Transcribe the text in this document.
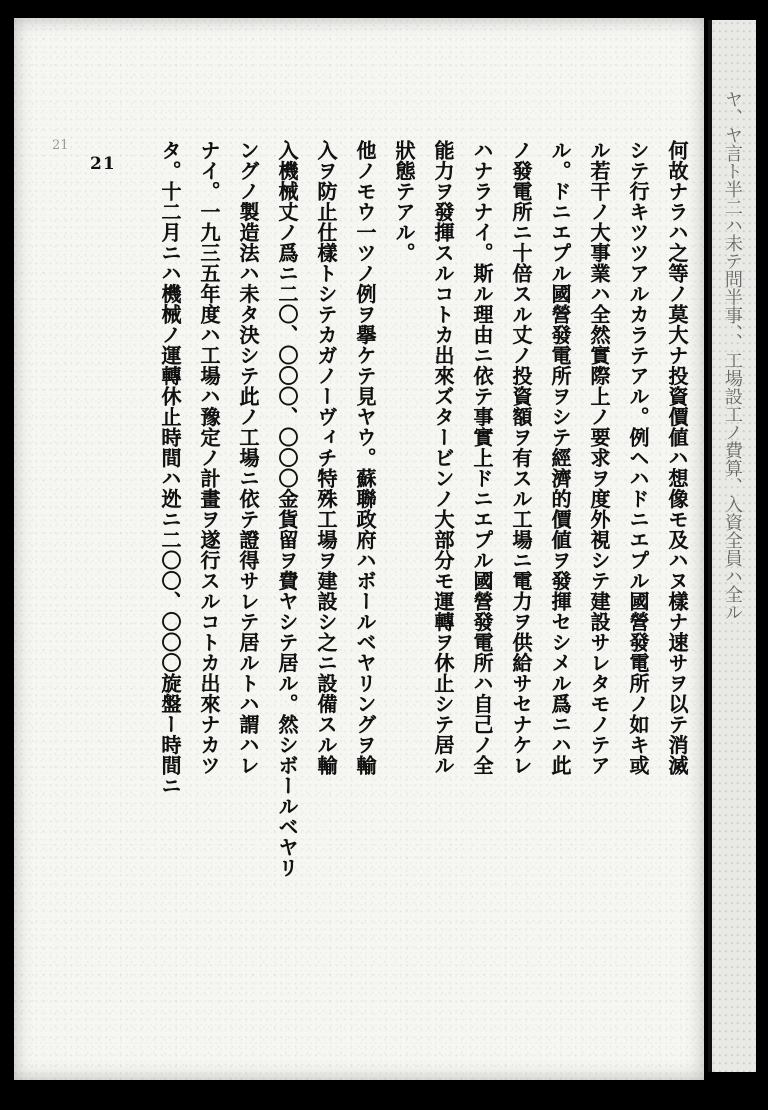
21
21	何故ナラハ之等ノ莫大ナ投資價値ハ想像モ及ハヌ樣ナ速サヲ以テ消滅
シテ行キツツアルカラテアル。例ヘハドニエプル國營發電所ノ如キ或
ル若干ノ大事業ハ全然實際上ノ要求ヲ度外視シテ建設サレタモノテア
ル。ドニエプル國營發電所ヲシテ經濟的價値ヲ發揮セシメル爲ニハ此
ノ發電所ニ十倍スル丈ノ投資額ヲ有スル工場ニ電力ヲ供給サセナケレ
ハナラナイ。斯ル理由ニ依テ事實上ドニエプル國營發電所ハ自己ノ全
能力ヲ發揮スルコトカ出來ズタービンノ大部分モ運轉ヲ休止シテ居ル
狀態テアル。
他ノモウ一ツノ例ヲ擧ケテ見ヤウ。蘇聯政府ハボールベヤリングヲ輸
入ヲ防止仕樣トシテカガノーヴィチ特殊工場ヲ建設シ之ニ設備スル輸
入機械丈ノ爲ニ二〇、〇〇〇、〇〇〇金貨留ヲ費ヤシテ居ル。然シボールベヤリ
ングノ製造法ハ未タ決シテ此ノ工場ニ依テ證得サレテ居ルトハ謂ハレ
ナイ。一九三五年度ハ工場ハ豫定ノ計畫ヲ遂行スルコトカ出來ナカツ
タ。十二月ニハ機械ノ運轉休止時間ハ迯ニ二〇〇、〇〇〇旋盤ー時間ニ	ヤ、ヤ言ト半二ハ未テ問半事、、工場設工ノ費算、入資全員ハ全ル
